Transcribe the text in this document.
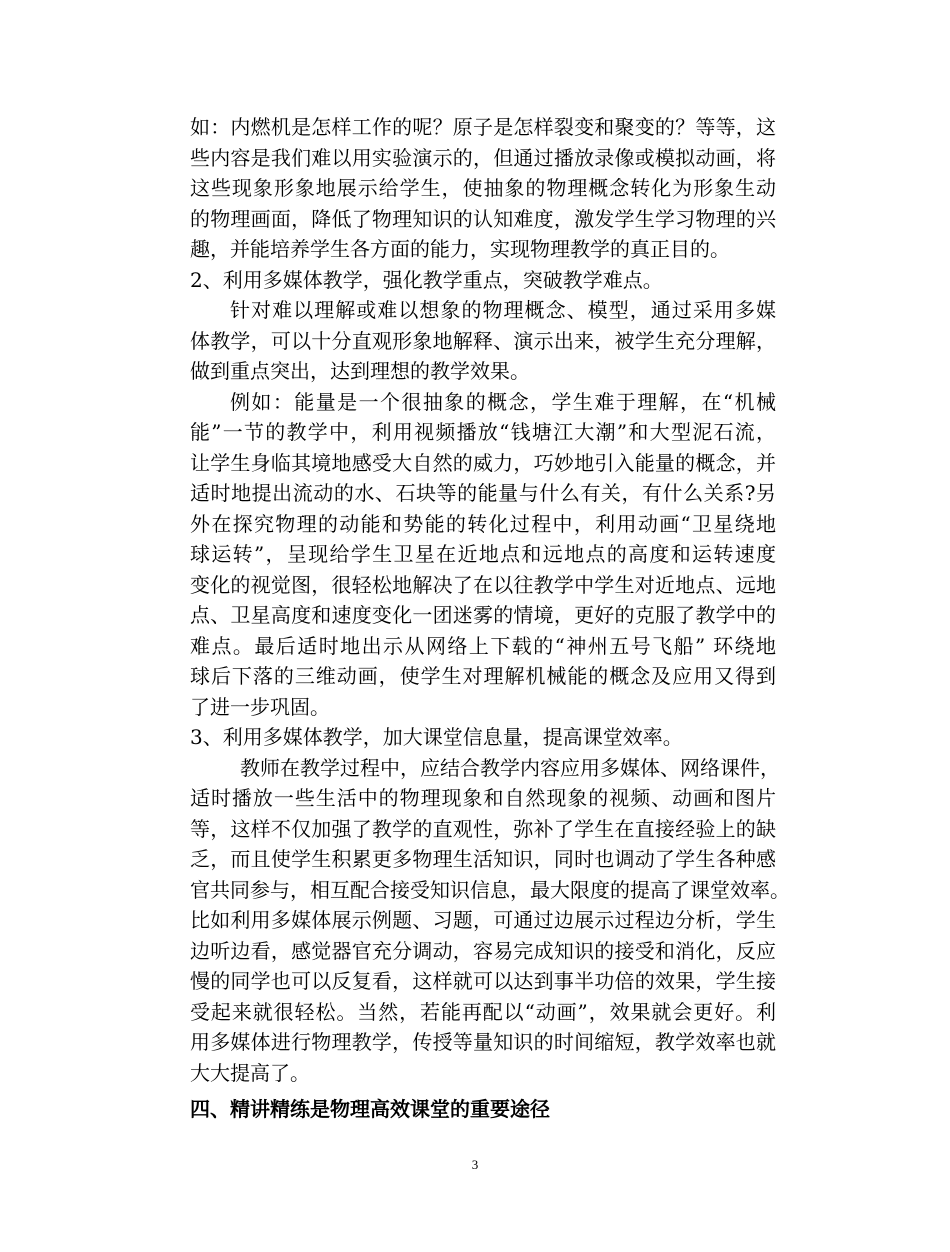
如：内燃机是怎样工作的呢？原子是怎样裂变和聚变的？等等，这
些内容是我们难以用实验演示的，但通过播放录像或模拟动画，将
这些现象形象地展示给学生，使抽象的物理概念转化为形象生动
的物理画面，降低了物理知识的认知难度，激发学生学习物理的兴
趣，并能培养学生各方面的能力，实现物理教学的真正目的。
2、利用多媒体教学，强化教学重点，突破教学难点。
针对难以理解或难以想象的物理概念、模型，通过采用多媒
体教学，可以十分直观形象地解释、演示出来，被学生充分理解，
做到重点突出，达到理想的教学效果。
例如：能量是一个很抽象的概念，学生难于理解，在“机械
能”一节的教学中，利用视频播放“钱塘江大潮”和大型泥石流，
让学生身临其境地感受大自然的威力，巧妙地引入能量的概念，并
适时地提出流动的水、石块等的能量与什么有关，有什么关系?另
外在探究物理的动能和势能的转化过程中，利用动画“卫星绕地
球运转”，呈现给学生卫星在近地点和远地点的高度和运转速度
变化的视觉图，很轻松地解决了在以往教学中学生对近地点、远地
点、卫星高度和速度变化一团迷雾的情境，更好的克服了教学中的
难点。最后适时地出示从网络上下载的“神州五号飞船” 环绕地
球后下落的三维动画，使学生对理解机械能的概念及应用又得到
了进一步巩固。
3、利用多媒体教学，加大课堂信息量，提高课堂效率。
教师在教学过程中，应结合教学内容应用多媒体、网络课件，
适时播放一些生活中的物理现象和自然现象的视频、动画和图片
等，这样不仅加强了教学的直观性，弥补了学生在直接经验上的缺
乏，而且使学生积累更多物理生活知识，同时也调动了学生各种感
官共同参与，相互配合接受知识信息，最大限度的提高了课堂效率。
比如利用多媒体展示例题、习题，可通过边展示过程边分析，学生
边听边看，感觉器官充分调动，容易完成知识的接受和消化，反应
慢的同学也可以反复看，这样就可以达到事半功倍的效果，学生接
受起来就很轻松。当然，若能再配以“动画”，效果就会更好。利
用多媒体进行物理教学，传授等量知识的时间缩短，教学效率也就
大大提高了。
四、精讲精练是物理高效课堂的重要途径
3
